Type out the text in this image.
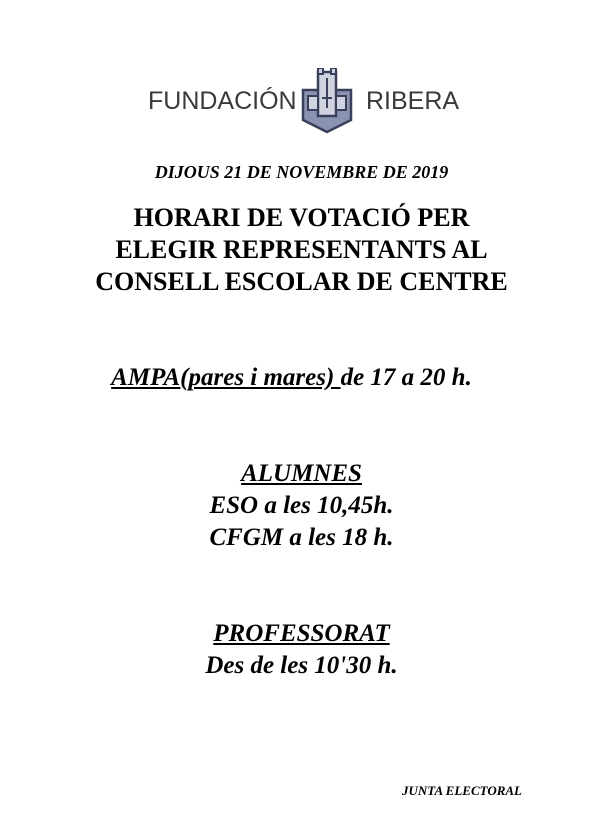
FUNDACIÓN	RIBERA
DIJOUS 21 DE NOVEMBRE DE 2019
HORARI DE VOTACIÓ PER
ELEGIR REPRESENTANTS AL
CONSELL ESCOLAR DE CENTRE
AMPA(pares i mares) de 17 a 20 h.
ALUMNES
ESO a les 10,45h.
CFGM a les 18 h.
PROFESSORAT
Des de les 10'30 h.
JUNTA ELECTORAL
